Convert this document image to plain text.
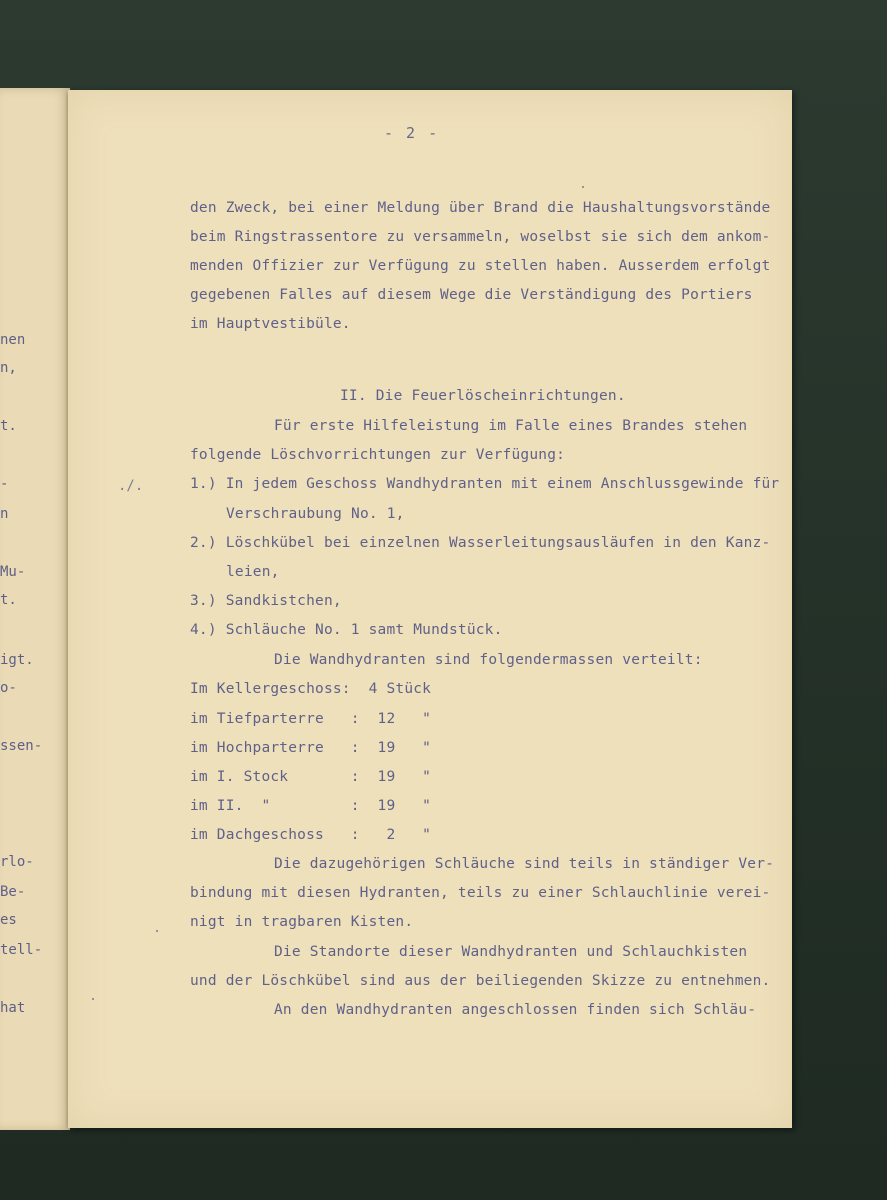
nen
n,
t.
-
n
Mu-
t.
igt.
o-
ssen-
rlo-
Be-
es
tell-
hat
- 2 -
./.
den Zweck, bei einer Meldung über Brand die Haushaltungsvorstände
beim Ringstrassentore zu versammeln, woselbst sie sich dem ankom-
menden Offizier zur Verfügung zu stellen haben. Ausserdem erfolgt
gegebenen Falles auf diesem Wege die Verständigung des Portiers
im Hauptvestibüle.
II. Die Feuerlöscheinrichtungen.
Für erste Hilfeleistung im Falle eines Brandes stehen
folgende Löschvorrichtungen zur Verfügung:
1.) In jedem Geschoss Wandhydranten mit einem Anschlussgewinde für
Verschraubung No. 1,
2.) Löschkübel bei einzelnen Wasserleitungsausläufen in den Kanz-
leien,
3.) Sandkistchen,
4.) Schläuche No. 1 samt Mundstück.
Die Wandhydranten sind folgendermassen verteilt:
Im Kellergeschoss:  4 Stück
im Tiefparterre   :  12   "
im Hochparterre   :  19   "
im I. Stock       :  19   "
im II.  "         :  19   "
im Dachgeschoss   :   2   "
Die dazugehörigen Schläuche sind teils in ständiger Ver-
bindung mit diesen Hydranten, teils zu einer Schlauchlinie verei-
nigt in tragbaren Kisten.
Die Standorte dieser Wandhydranten und Schlauchkisten
und der Löschkübel sind aus der beiliegenden Skizze zu entnehmen.
An den Wandhydranten angeschlossen finden sich Schläu-
